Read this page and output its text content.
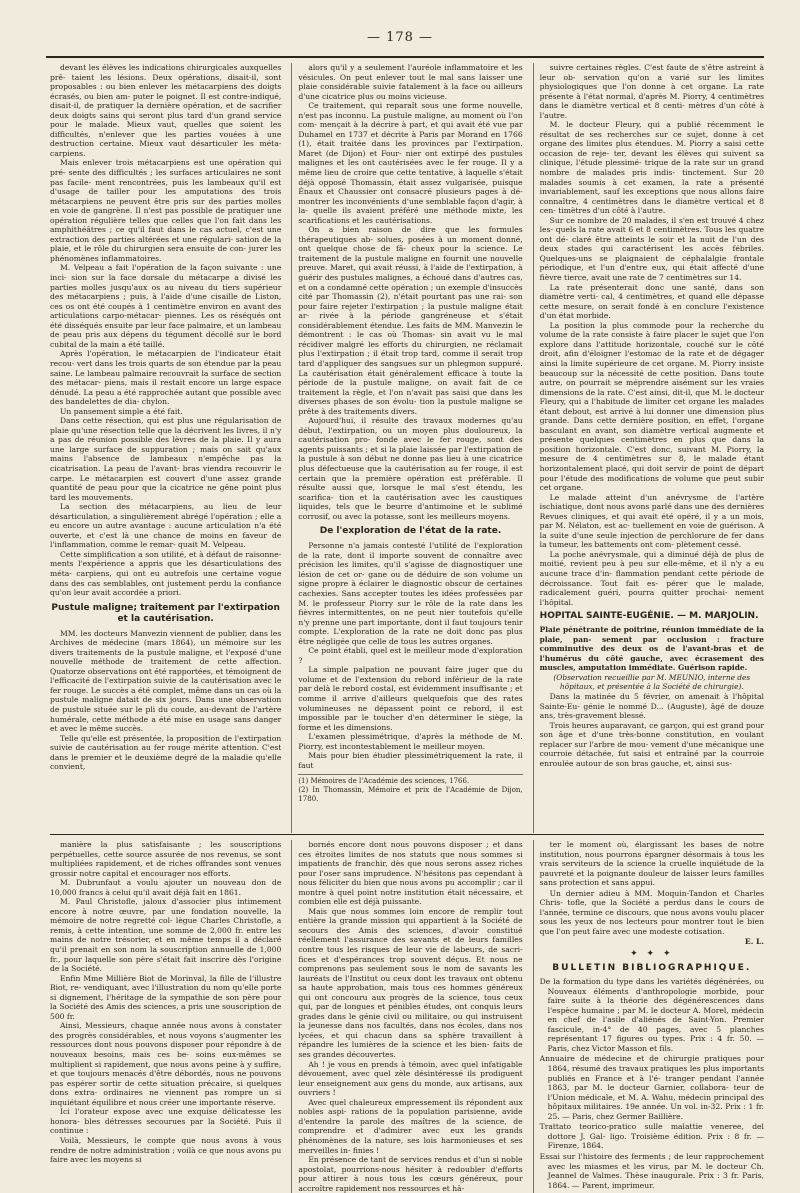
— 178 —

devant les élèves les indications chirurgicales auxquelles prê- taient les lésions. Deux opérations, disait-il, sont proposables : ou bien enlever les métacarpiens des doigts écrasés, ou bien am- puter le poignet. Il est contre-indiqué, disait-il, de pratiquer la dernière opération, et de sacrifier deux doigts sains qui seront plus tard d'un grand service pour le malade. Mieux vaut, quelles que soient les difficultés, n'enlever que les parties vouées à une destruction certaine. Mieux vaut désarticuler les méta- carpiens.

Mais enlever trois métacarpiens est une opération qui pré- sente des difficultés ; les surfaces articulaires ne sont pas facile- ment rencontrées, puis les lambeaux qu'il est d'usage de tailler pour les amputations des trois métacarpiens ne peuvent être pris sur des parties molles en voie de gangrène. Il n'est pas possible de pratiquer une opération régulière telles que celles que l'on fait dans les amphithéâtres ; ce qu'il faut dans le cas actuel, c'est une extraction des parties altérées et une régulari- sation de la plaie, et le rôle du chirurgien sera ensuite de con- jurer les phénomènes inflammatoires.

M. Velpeau a fait l'opération de la façon suivante : une inci- sion sur la face dorsale du métacarpe a divisé les parties molles jusqu'aux os au niveau du tiers supérieur des métacarpiens ; puis, à l'aide d'une cisaille de Liston, ces os ont été coupés à 1 centimètre environ en avant des articulations carpo-métacar- piennes. Les os réséqués ont été disséqués ensuite par leur face palmaire, et un lambeau de peau pris aux dépens du tégument décollé sur le bord cubital de la main a été taillé.

Après l'opération, le métacarpien de l'indicateur était recou- vert dans les trois quarts de son étendue par la peau saine. Le lambeau palmaire recouvrait la surface de section des métacar- piens, mais il restait encore un large espace dénudé. La peau a été rapprochée autant que possible avec des bandelettes de dia- chylon.

Un pansement simple a été fait.

Dans cette résection, qui est plus une régularisation de plaie qu'une résection telle que la décrivent les livres, il n'y a pas de réunion possible des lèvres de la plaie. Il y aura une large surface de suppuration ; mais on sait qu'aux mains l'absence de lambeaux n'empêche pas la cicatrisation. La peau de l'avant- bras viendra recouvrir le carpe. Le métacarpien est couvert d'une assez grande quantité de peau pour que la cicatrice ne gêne point plus tard les mouvements.

La section des métacarpiens, au lieu de leur désarticulation, a singulièrement abrégé l'opération ; elle a eu encore un autre avantage : aucune articulation n'a été ouverte, et c'est là une chance de moins en faveur de l'inflammation, comme le remar- quait M. Velpeau.

Cette simplification a son utilité, et à défaut de raisonne- ments l'expérience a appris que les désarticulations des méta- carpiens, qui ont eu autrefois une certaine vogue dans des cas semblables, ont justement perdu la confiance qu'on leur avait accordée a priori.

Pustule maligne; traitement par l'extirpation et la cautérisation.

MM. les docteurs Manvezin viennent de publier, dans les Archives de médecine (mars 1864), un mémoire sur les divers traitements de la pustule maligne, et l'exposé d'une nouvelle méthode de traitement de cette affection. Quatorze observations ont été rapportées, et témoignent de l'efficacité de l'extirpation suivie de la cautérisation avec le fer rouge. Le succès a été complet, même dans un cas où la pustule maligne datait de six jours. Dans une observation de pustule située sur le pli du coude, au-devant de l'artère humérale, cette méthode a été mise en usage sans danger et avec le même succès.

Telle qu'elle est présentée, la proposition de l'extirpation suivie de cautérisation au fer rouge mérite attention. C'est dans le premier et le deuxième degré de la maladie qu'elle convient,

alors qu'il y a seulement l'auréole inflammatoire et les vésicules. On peut enlever tout le mal sans laisser une plaie considérable suivie fatalement à la face ou ailleurs d'une cicatrice plus ou moins vicieuse.

Ce traitement, qui reparaît sous une forme nouvelle, n'est pas inconnu. La pustule maligne, au moment où l'on com- mençait à la décrire à part, et qui avait été vue par Duhamel en 1737 et décrite à Paris par Morand en 1766 (1), était traitée dans les provinces par l'extirpation. Maret (de Dijon) et Four- nier ont extirpé des pustules malignes et les ont cautérisées avec le fer rouge. Il y a même lieu de croire que cette tentative, à laquelle s'était déjà opposé Thomassin, était assez vulgarisée, puisque Énaux et Chaussier ont consacré plusieurs pages à dé- montrer les inconvénients d'une semblable façon d'agir, à la- quelle ils avaient préféré une méthode mixte, les scarifications et les cautérisations.

On a bien raison de dire que les formules thérapeutiques ab- solues, posées à un moment donné, ont quelque chose de fâ- cheux pour la science. Le traitement de la pustule maligne en fournit une nouvelle preuve. Maret, qui avait réussi, à l'aide de l'extirpation, à guérir des pustules malignes, a échoué dans d'autres cas, et on a condamné cette opération ; un exemple d'insuccès cité par Thomassin (2), n'était pourtant pas une rai- son pour faire rejeter l'extirpation ; la pustule maligne était ar- rivée à la période gangréneuse et s'était considérablement étendue. Les faits de MM. Manvezin le démontrent : le cas où Thomas- sin avait vu le mal récidiver malgré les efforts du chirurgien, ne réclamait plus l'extirpation ; il était trop tard, comme il serait trop tard d'appliquer des sangsues sur un phlegmon suppuré. La cautérisation était généralement efficace à toute la période de la pustule maligne, on avait fait de ce traitement la règle, et l'on n'avait pas saisi que dans les diverses phases de son évolu- tion la pustule maligne se prête à des traitements divers.

Aujourd'hui, il résulte des travaux modernes qu'au début, l'extirpation, ou un moyen plus douloureux, la cautérisation pro- fonde avec le fer rouge, sont des agents puissants ; et si la plaie laissée par l'extirpation de la pustule à son début ne donne pas lieu à une cicatrice plus défectueuse que la cautérisation au fer rouge, il est certain que la première opération est préférable. Il résulte aussi que, lorsque le mal s'est étendu, les scarifica- tion et la cautérisation avec les caustiques liquides, tels que le beurre d'antimoine et le sublimé corrosif, ou avec la potasse, sont les meilleurs moyens.

De l'exploration de l'état de la rate.

Personne n'a jamais contesté l'utilité de l'exploration de la rate, dont il importe souvent de connaître avec précision les limites, qu'il s'agisse de diagnostiquer une lésion de cet or- gane ou de déduire de son volume un signe propre à éclairer le diagnostic obscur de certaines cachexies. Sans accepter toutes les idées professées par M. le professeur Piorry sur le rôle de la rate dans les fièvres intermittentes, on ne peut nier toutefois qu'elle n'y prenne une part importante, dont il faut toujours tenir compte. L'exploration de la rate ne doit donc pas plus être négligée que celle de tous les autres organes.

Ce point établi, quel est le meilleur mode d'exploration ?

La simple palpation ne pouvant faire juger que du volume et de l'extension du rebord inférieur de la rate par delà le rebord costal, est évidemment insuffisante ; et comme il arrive d'ailleurs quelquefois que des rates volumineuses ne dépassent point ce rebord, il est impossible par le toucher d'en déterminer le siège, la forme et les dimensions.

L'examen plessimétrique, d'après la méthode de M. Piorry, est incontestablement le meilleur moyen.

Mais pour bien étudier plessimétriquement la rate, il faut

(1) Mémoires de l'Académie des sciences, 1766.

(2) In Thomassin, Mémoire et prix de l'Académie de Dijon, 1780.

suivre certaines règles. C'est faute de s'être astreint à leur ob- servation qu'on a varié sur les limites physiologiques que l'on donne à cet organe. La rate présente à l'état normal, d'après M. Piorry, 4 centimètres dans le diamètre vertical et 8 centi- mètres d'un côté à l'autre.

M. le docteur Fleury, qui a publié récemment le résultat de ses recherches sur ce sujet, donne à cet organe des limites plus étendues. M. Piorry a saisi cette occasion de reje- ter, devant les élèves qui suivent sa clinique, l'étude plessimé- trique de la rate sur un grand nombre de malades pris indis- tinctement. Sur 20 malades soumis à cet examen, la rate a présenté invariablement, sauf les exceptions que nous allons faire connaître, 4 centimètres dans le diamètre vertical et 8 cen- timètres d'un côté à l'autre.

Sur ce nombre de 20 malades, il s'en est trouvé 4 chez les- quels la rate avait 6 et 8 centimètres. Tous les quatre ont dé- claré être atteints le soir et la nuit de l'un des deux stades qui caractérisent les accès fébriles. Quelques-uns se plaignaient de céphalalgie frontale périodique, et l'un d'entre eux, qui était affecté d'une fièvre tierce, avait une rate de 7 centimètres sur 14.

La rate présenterait donc une santé, dans son diamètre verti- cal, 4 centimètres, et quand elle dépasse cette mesure, on serait fondé à en conclure l'existence d'un état morbide.

La position la plus commode pour la recherche du volume de la rate consiste à faire placer le sujet que l'on explore dans l'attitude horizontale, couché sur le côté droit, afin d'éloigner l'estomac de la rate et de dégager ainsi la limite supérieure de cet organe. M. Piorry insiste beaucoup sur la nécessité de cette position. Dans toute autre, on pourrait se méprendre aisément sur les vraies dimensions de la rate. C'est ainsi, dit-il, que M. le docteur Fleury, qui a l'habitude de limiter cet organe les malades étant debout, est arrivé à lui donner une dimension plus grande. Dans cette dernière position, en effet, l'organe basculant en avant, son diamètre vertical augmente et présente quelques centimètres en plus que dans la position horizontale. C'est donc, suivant M. Piorry, la mesure de 4 centimètres sur 8, le malade étant horizontalement placé, qui doit servir de point de départ pour l'étude des modifications de volume que peut subir cet organe.

Le malade atteint d'un anévrysme de l'artère ischiatique, dont nous avons parlé dans une des dernières Revues cliniques, et qui avait été opéré, il y a un mois, par M. Nélaton, est ac- tuellement en voie de guérison. A la suite d'une seule injection de perchlorure de fer dans la tumeur, les battements ont com- plètement cessé.

La poche anévrysmale, qui a diminué déjà de plus de moitié, revient peu à peu sur elle-même, et il n'y a eu aucune trace d'in- flammation pendant cette période de décroissance. Tout fait es- pérer que le malade, radicalement guéri, pourra quitter prochai- nement l'hôpital.

HOPITAL SAINTE-EUGÉNIE. — M. MARJOLIN.

Plaie pénétrante de poitrine, réunion immédiate de la plaie, pan- sement par occlusion : fracture comminutive des deux os de l'avant-bras et de l'humérus du côté gauche, avec écrasement des muscles, amputation immédiate. Guérison rapide.

(Observation recueillie par M. MEUNIO, interne des hôpitaux, et présentée à la Société de chirurgie).

Dans la matinée du 5 février, on amenait à l'hôpital Sainte-Eu- génie le nommé D... (Auguste), âgé de douze ans, très-gravement blessé.

Trois heures auparavant, ce garçon, qui est grand pour son âge et d'une très-bonne constitution, en voulant replacer sur l'arbre de mou- vement d'une mécanique une courroie détachée, fut saisi et entraîné par la courroie enroulée autour de son bras gauche, et, ainsi sus-

manière la plus satisfaisante ; les souscriptions perpétuelles, cette source assurée de nos revenus, se sont multipliées rapidement, et de riches offrandes sont venues grossir notre capital et encourager nos efforts.

M. Dubrunfaut a voulu ajouter un nouveau don de 10,000 francs à celui qu'il avait déjà fait en 1861.

M. Paul Christofle, jaloux d'associer plus intimement encore à notre œuvre, par une fondation nouvelle, la mémoire de notre regretté col- lègue Charles Christofle, a remis, à cette intention, une somme de 2,000 fr. entre les mains de notre trésorier, et en même temps il a déclaré qu'il prenait en son nom la souscription annuelle de 1,000 fr., pour laquelle son père s'était fait inscrire dès l'origine de la Société.

Enfin Mme Millière Biot de Morinval, la fille de l'illustre Biot, re- vendiquant, avec l'illustration du nom qu'elle porte si dignement, l'héritage de la sympathie de son père pour la Société des Amis des sciences, a pris une souscription de 500 fr.

Ainsi, Messieurs, chaque année nous avons à constater des progrès considérables, et nous voyons s'augmenter les ressources dont nous pouvons disposer pour répondre à de nouveaux besoins, mais ces be- soins eux-mêmes se multiplient si rapidement, que nous avons peine à y suffire, et que toujours menacés d'être débordés, nous ne pouvons pas espérer sortir de cette situation précaire, si quelques dons extra- ordinaires ne viennent pas rompre un si inquiétant équilibre et nous créer une importante réserve.

Ici l'orateur expose avec une exquise délicatesse les honora- bles détresses secourues par la Société. Puis il continue :

Voilà, Messieurs, le compte que nous avons à vous rendre de notre administration ; voilà ce que nous avons pu faire avec les moyens si

bornés encore dont nous pouvons disposer ; et dans ces étroites limites de nos statuts que nous sommes si impatients de franchir, dès que nous serons assez riches pour l'oser sans imprudence. N'hésitons pas cependant à nous féliciter du bien que nous avons pu accomplir ; car il montre à quel point notre institution était nécessaire, et combien elle est déjà puissante.

Mais que nous sommes loin encore de remplir tout entière la grande mission qui appartient à la Société de secours des Amis des sciences, d'avoir constitué réellement l'assurance des savants et de leurs familles contre tous les risques de leur vie de labeurs, de sacri- fices et d'espérances trop souvent déçus. Et nous ne comprenons pas seulement sous le nom de savants les lauréats de l'Institut ou ceux dont les travaux ont obtenu sa haute approbation, mais tous ces hommes généreux qui ont concouru aux progrès de la science, tous ceux qui, par de longues et pénibles études, ont conquis leurs grades dans le génie civil ou militaire, ou qui instruisent la jeunesse dans nos facultés, dans nos écoles, dans nos lycées, et qui chacun dans sa sphère travaillent à répandre les lumières de la science et les bien- faits de ses grandes découvertes.

Ah ! je vous en prends à témoin, avec quel infatigable dévouement, avec quel zèle désintéressé ils prodiguent leur enseignement aux gens du monde, aux artisans, aux ouvriers !

Avec quel chaleureux empressement ils répondent aux nobles aspi- rations de la population parisienne, avide d'entendre la parole des maîtres de la science, de comprendre et d'admirer avec eux les grands phénomènes de la nature, ses lois harmonieuses et ses merveilles in- finies !

En présence de tant de services rendus et d'un si noble apostolat, pourrions-nous hésiter à redoubler d'efforts pour attirer à nous tous les cœurs généreux, pour accroître rapidement nos ressources et hâ-

ter le moment où, élargissant les bases de notre institution, nous pourrons épargner désormais à tous les vrais serviteurs de la science la cruelle inquiétude de la pauvreté et la poignante douleur de laisser leurs familles sans protection et sans appui.

Un dernier adieu à MM. Moquin-Tandon et Charles Chris- tofle, que la Société a perdus dans le cours de l'année, termine ce discours, que nous avons voulu placer sous les yeux de nos lecteurs pour montrer tout le bien que l'on peut faire avec une modeste cotisation.

E. L.

✦ ✦ ✦
BULLETIN BIBLIOGRAPHIQUE.

De la formation du type dans les variétés dégénérées, ou Nouveaux éléments d'anthropologie morbide, pour faire suite à la théorie des dégénérescences dans l'espèce humaine ; par M. le docteur A. Morel, médecin en chef de l'asile d'aliénés de Saint-Yon. Premier fascicule, in-4° de 40 pages, avec 5 planches représentant 17 figures ou types. Prix : 4 fr. 50. — Paris, chez Victor Masson et fils.

Annuaire de médecine et de chirurgie pratiques pour 1864, résumé des travaux pratiques les plus importants publiés en France et à l'é- tranger pendant l'année 1863, par M. le docteur Garnier, collabora- teur de l'Union médicale, et M. A. Wahu, médecin principal des hôpitaux militaires. 19e année. Un vol. in-32. Prix : 1 fr. 25. — Paris, chez Germer Baillière.

Trattato teorico-pratico sulle malattie veneree, del dottore J. Gal- ligo. Troisième édition. Prix : 8 fr. — Firenze, 1864.

Essai sur l'histoire des ferments ; de leur rapprochement avec les miasmes et les virus, par M. le docteur Ch. Jeannel de Valmes. Thèse inaugurale. Prix : 3 fr. Paris, 1864. — Parent, imprimeur.
